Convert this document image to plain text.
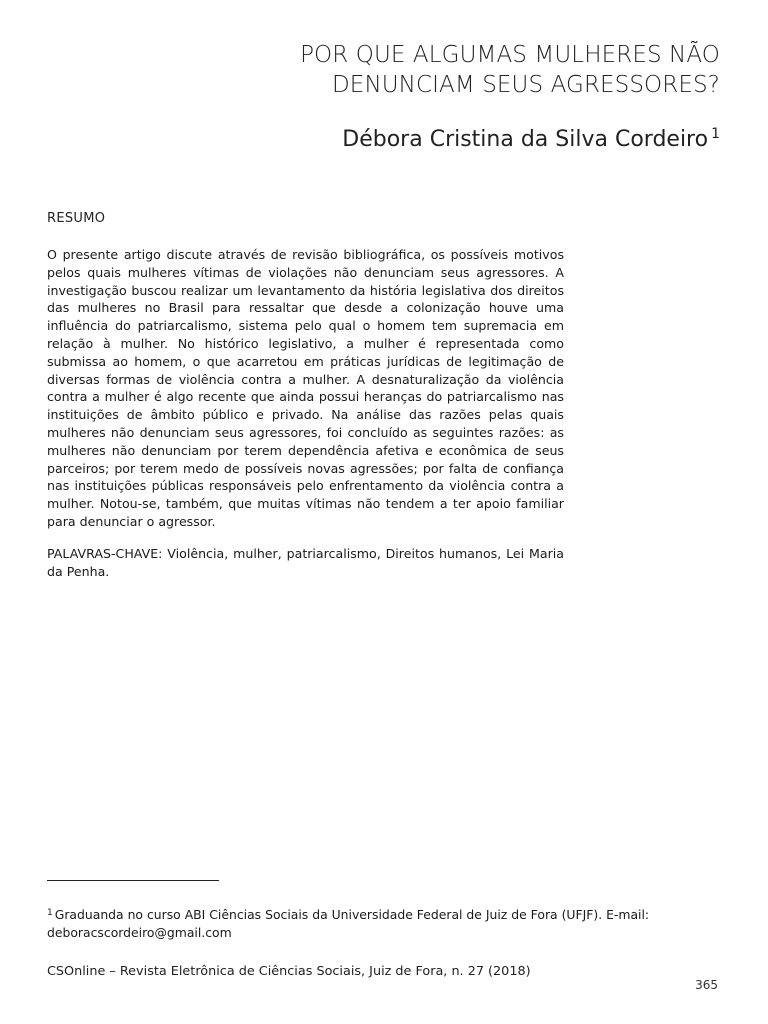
POR QUE ALGUMAS MULHERES NÃO
DENUNCIAM SEUS AGRESSORES?
Débora Cristina da Silva Cordeiro $^1$
RESUMO

O presente artigo discute através de revisão bibliográfica, os possíveis motivos pelos quais mulheres vítimas de violações não denunciam seus agressores. A investigação buscou realizar um levantamento da história legislativa dos direitos das mulheres no Brasil para ressaltar que desde a colonização houve uma influência do patriarcalismo, sistema pelo qual o homem tem supremacia em relação à mulher. No histórico legislativo, a mulher é representada como submissa ao homem, o que acarretou em práticas jurídicas de legitimação de diversas formas de violência contra a mulher. A desnaturalização da violência contra a mulher é algo recente que ainda possui heranças do patriarcalismo nas instituições de âmbito público e privado. Na análise das razões pelas quais mulheres não denunciam seus agressores, foi concluído as seguintes razões: as mulheres não denunciam por terem dependência afetiva e econômica de seus parceiros; por terem medo de possíveis novas agressões; por falta de confiança nas instituições públicas responsáveis pelo enfrentamento da violência contra a mulher. Notou-se, também, que muitas vítimas não tendem a ter apoio familiar para denunciar o agressor.

PALAVRAS-CHAVE: Violência, mulher, patriarcalismo, Direitos humanos, Lei Maria da Penha.

$^1$ Graduanda no curso ABI Ciências Sociais da Universidade Federal de Juiz de Fora (UFJF). E-mail: deboracscordeiro@gmail.com
CSOnline – Revista Eletrônica de Ciências Sociais, Juiz de Fora, n. 27 (2018)
365
